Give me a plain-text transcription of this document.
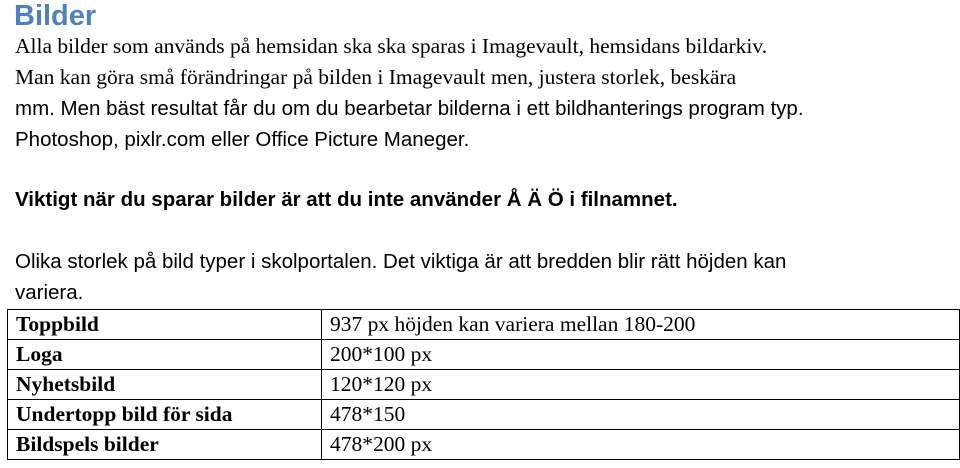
Bilder

Alla bilder som används på hemsidan ska ska sparas i Imagevault, hemsidans bildarkiv.

Man kan göra små förändringar på bilden i Imagevault men, justera storlek, beskära

mm. Men bäst resultat får du om du bearbetar bilderna i ett bildhanterings program typ.

Photoshop, pixlr.com eller Office Picture Maneger.

Viktigt när du sparar bilder är att du inte använder Å Ä Ö i filnamnet.

Olika storlek på bild typer i skolportalen. Det viktiga är att bredden blir rätt höjden kan

variera.

Toppbild	937 px höjden kan variera mellan 180-200
Loga	200*100 px
Nyhetsbild	120*120 px
Undertopp bild för sida	478*150
Bildspels bilder	478*200 px
